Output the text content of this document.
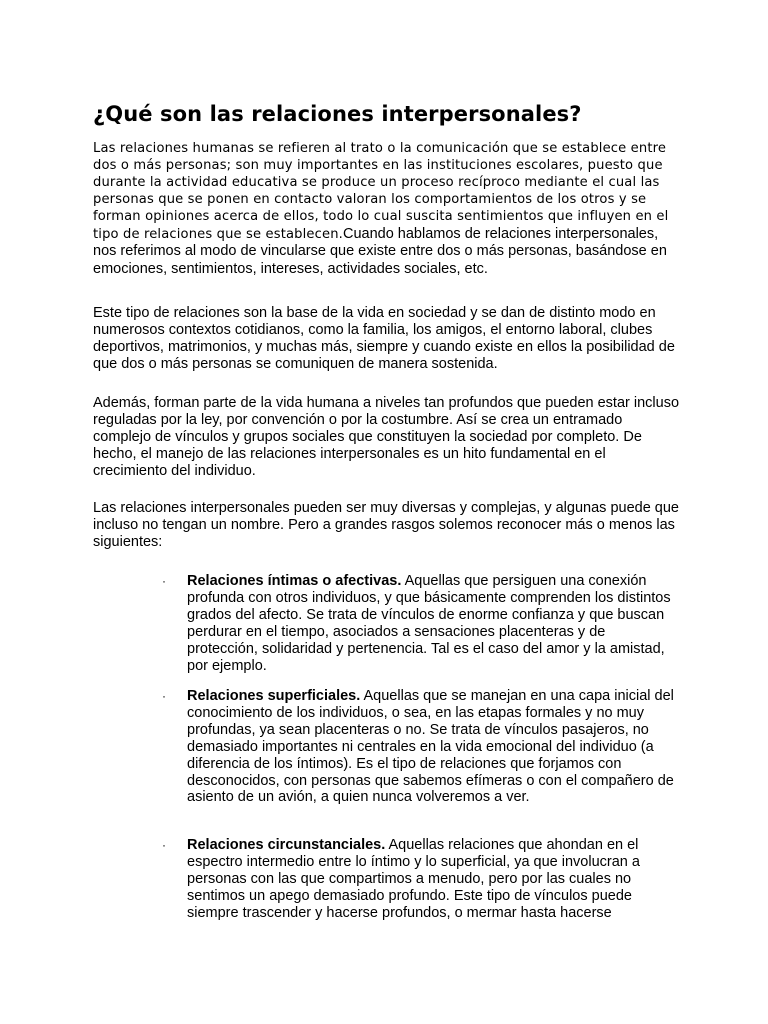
¿Qué son las relaciones interpersonales?

Las relaciones humanas se refieren al trato o la comunicación que se establece entre dos o más personas; son muy importantes en las instituciones escolares, puesto que durante la actividad educativa se produce un proceso recíproco mediante el cual las personas que se ponen en contacto valoran los comportamientos de los otros y se forman opiniones acerca de ellos, todo lo cual suscita sentimientos que influyen en el tipo de relaciones que se establecen.Cuando hablamos de relaciones interpersonales, nos referimos al modo de vincularse que existe entre dos o más personas, basándose en emociones, sentimientos, intereses, actividades sociales, etc.

Este tipo de relaciones son la base de la vida en sociedad y se dan de distinto modo en numerosos contextos cotidianos, como la familia, los amigos, el entorno laboral, clubes deportivos, matrimonios, y muchas más, siempre y cuando existe en ellos la posibilidad de que dos o más personas se comuniquen de manera sostenida.

Además, forman parte de la vida humana a niveles tan profundos que pueden estar incluso reguladas por la ley, por convención o por la costumbre. Así se crea un entramado complejo de vínculos y grupos sociales que constituyen la sociedad por completo. De hecho, el manejo de las relaciones interpersonales es un hito fundamental en el crecimiento del individuo.

Las relaciones interpersonales pueden ser muy diversas y complejas, y algunas puede que incluso no tengan un nombre. Pero a grandes rasgos solemos reconocer más o menos las siguientes:

· Relaciones íntimas o afectivas. Aquellas que persiguen una conexión profunda con otros individuos, y que básicamente comprenden los distintos grados del afecto. Se trata de vínculos de enorme confianza y que buscan perdurar en el tiempo, asociados a sensaciones placenteras y de protección, solidaridad y pertenencia. Tal es el caso del amor y la amistad, por ejemplo.

· Relaciones superficiales. Aquellas que se manejan en una capa inicial del conocimiento de los individuos, o sea, en las etapas formales y no muy profundas, ya sean placenteras o no. Se trata de vínculos pasajeros, no demasiado importantes ni centrales en la vida emocional del individuo (a diferencia de los íntimos). Es el tipo de relaciones que forjamos con desconocidos, con personas que sabemos efímeras o con el compañero de asiento de un avión, a quien nunca volveremos a ver.

· Relaciones circunstanciales. Aquellas relaciones que ahondan en el espectro intermedio entre lo íntimo y lo superficial, ya que involucran a personas con las que compartimos a menudo, pero por las cuales no sentimos un apego demasiado profundo. Este tipo de vínculos puede siempre trascender y hacerse profundos, o mermar hasta hacerse
